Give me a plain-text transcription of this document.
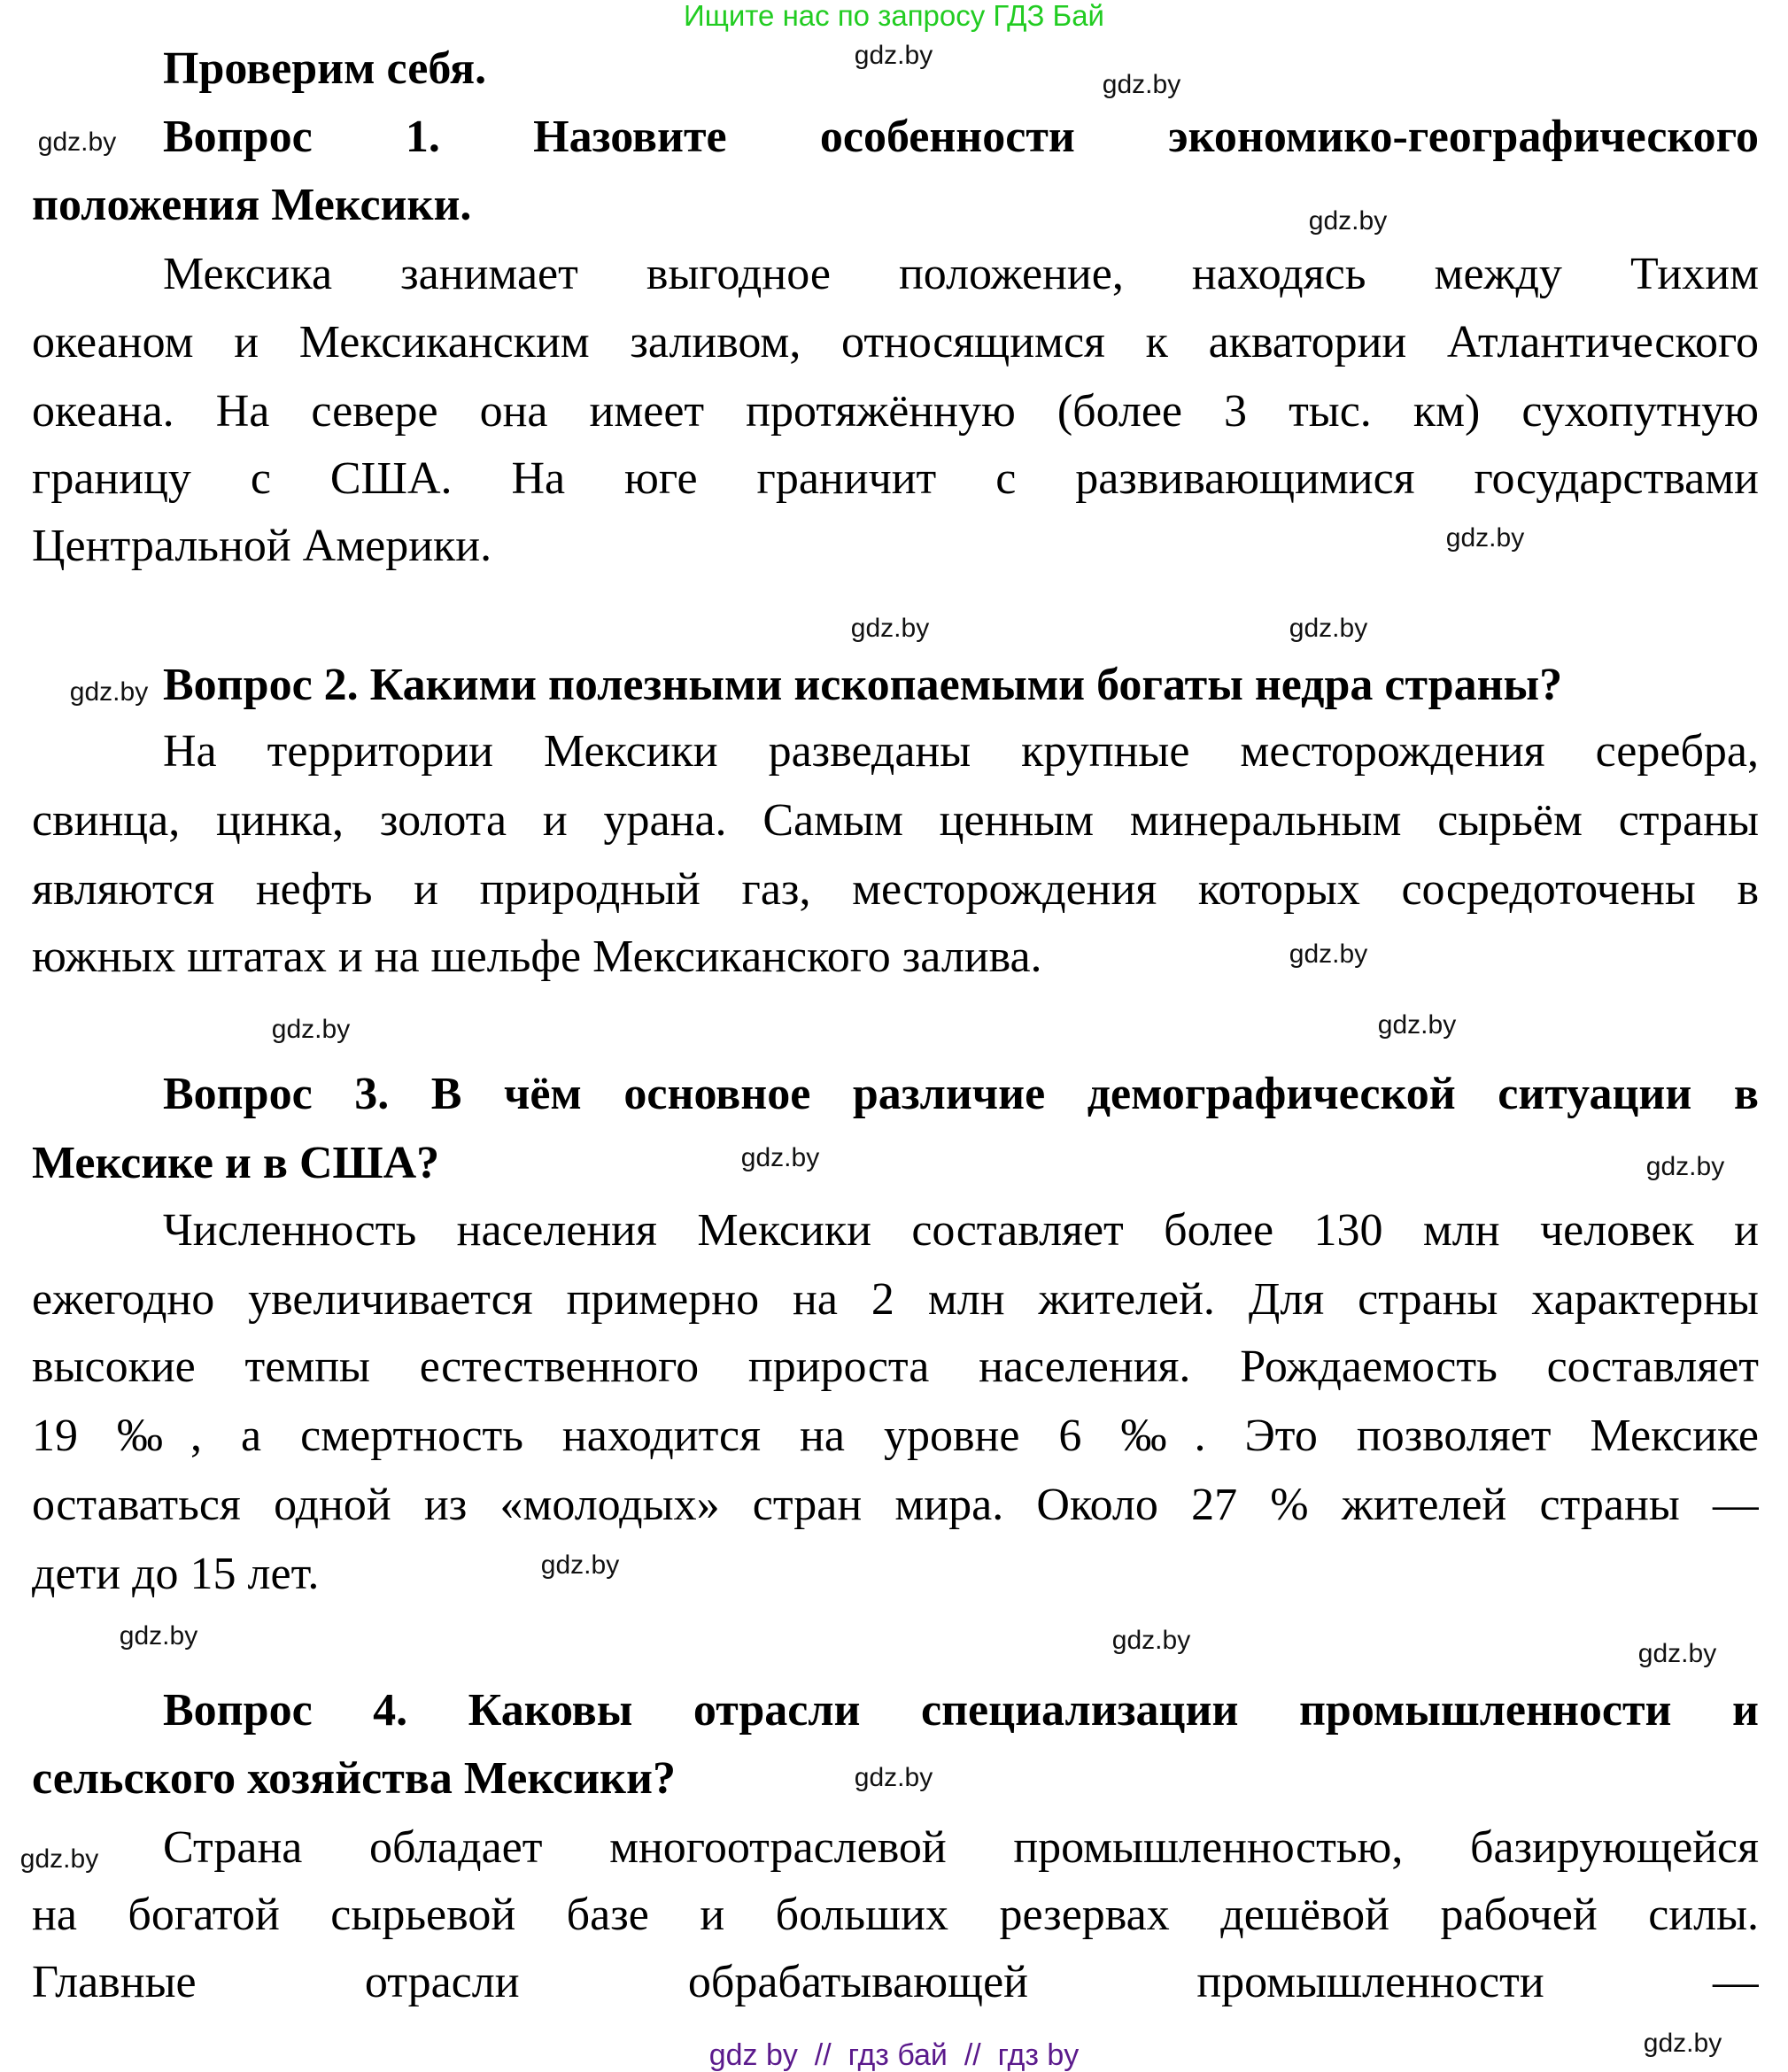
Ищите нас по запросу ГДЗ Бай
Проверим себя.
Вопрос 1. Назовите особенности экономико-географического
положения Мексики.
Мексика занимает выгодное положение, находясь между Тихим
океаном и Мексиканским заливом, относящимся к акватории Атлантического
океана. На севере она имеет протяжённую (более 3 тыс. км) сухопутную
границу с США. На юге граничит с развивающимися государствами
Центральной Америки.
Вопрос 2. Какими полезными ископаемыми богаты недра страны?
На территории Мексики разведаны крупные месторождения серебра,
свинца, цинка, золота и урана. Самым ценным минеральным сырьём страны
являются нефть и природный газ, месторождения которых сосредоточены в
южных штатах и на шельфе Мексиканского залива.
Вопрос 3. В чём основное различие демографической ситуации в
Мексике и в США?
Численность населения Мексики составляет более 130 млн человек и
ежегодно увеличивается примерно на 2 млн жителей. Для страны характерны
высокие темпы естественного прироста населения. Рождаемость составляет
19 ‰, а смертность находится на уровне 6 ‰. Это позволяет Мексике
оставаться одной из «молодых» стран мира. Около 27 % жителей страны —
дети до 15 лет.
Вопрос 4. Каковы отрасли специализации промышленности и
сельского хозяйства Мексики?
Страна обладает многоотраслевой промышленностью, базирующейся
на богатой сырьевой базе и больших резервах дешёвой рабочей силы.
Главные отрасли обрабатывающей промышленности —
gdz.by
gdz.by
gdz.by
gdz.by
gdz.by
gdz.by
gdz.by
gdz.by
gdz.by
gdz.by
gdz.by	gdz.by
gdz.by
gdz.by
gdz.by
gdz.by
gdz.by
gdz.by
gdz.by
gdz.by
gdz by  //  гдз бай  //  гдз by
